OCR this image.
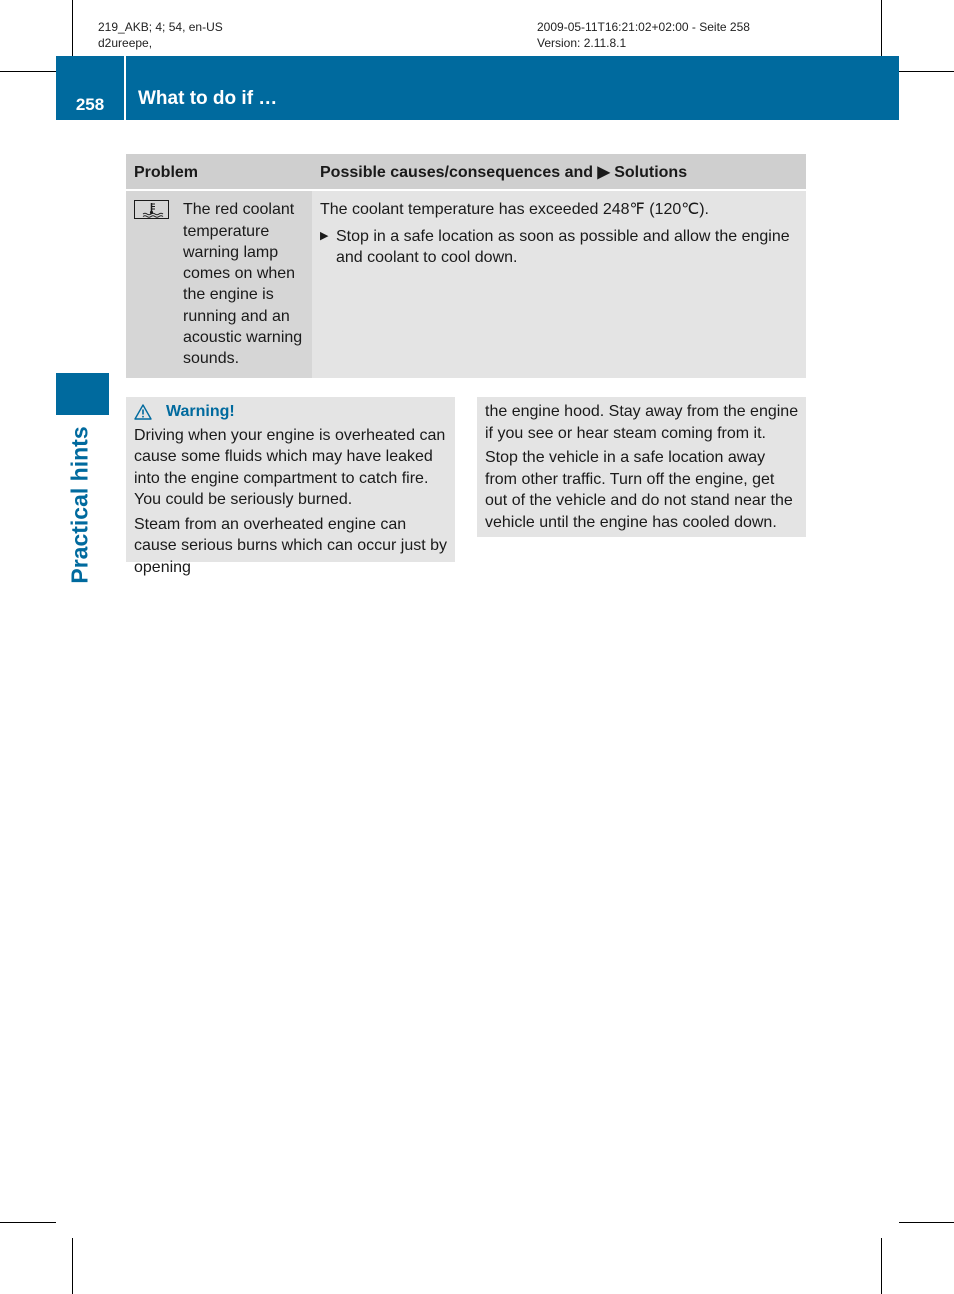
219_AKB; 4; 54, en-US
d2ureepe,
2009-05-11T16:21:02+02:00 - Seite 258
Version: 2.11.8.1
258	What to do if …
Practical hints
Problem	Possible causes/consequences and ▶ Solutions

The red coolant temperature warning lamp comes on when the engine is running and an acoustic warning sounds.	The coolant temperature has exceeded 248℉ (120℃).
▶ Stop in a safe location as soon as possible and allow the engine and coolant to cool down.
Warning!

Driving when your engine is overheated can cause some fluids which may have leaked into the engine compartment to catch fire. You could be seriously burned.

Steam from an overheated engine can cause serious burns which can occur just by opening

the engine hood. Stay away from the engine if you see or hear steam coming from it.

Stop the vehicle in a safe location away from other traffic. Turn off the engine, get out of the vehicle and do not stand near the vehicle until the engine has cooled down.
